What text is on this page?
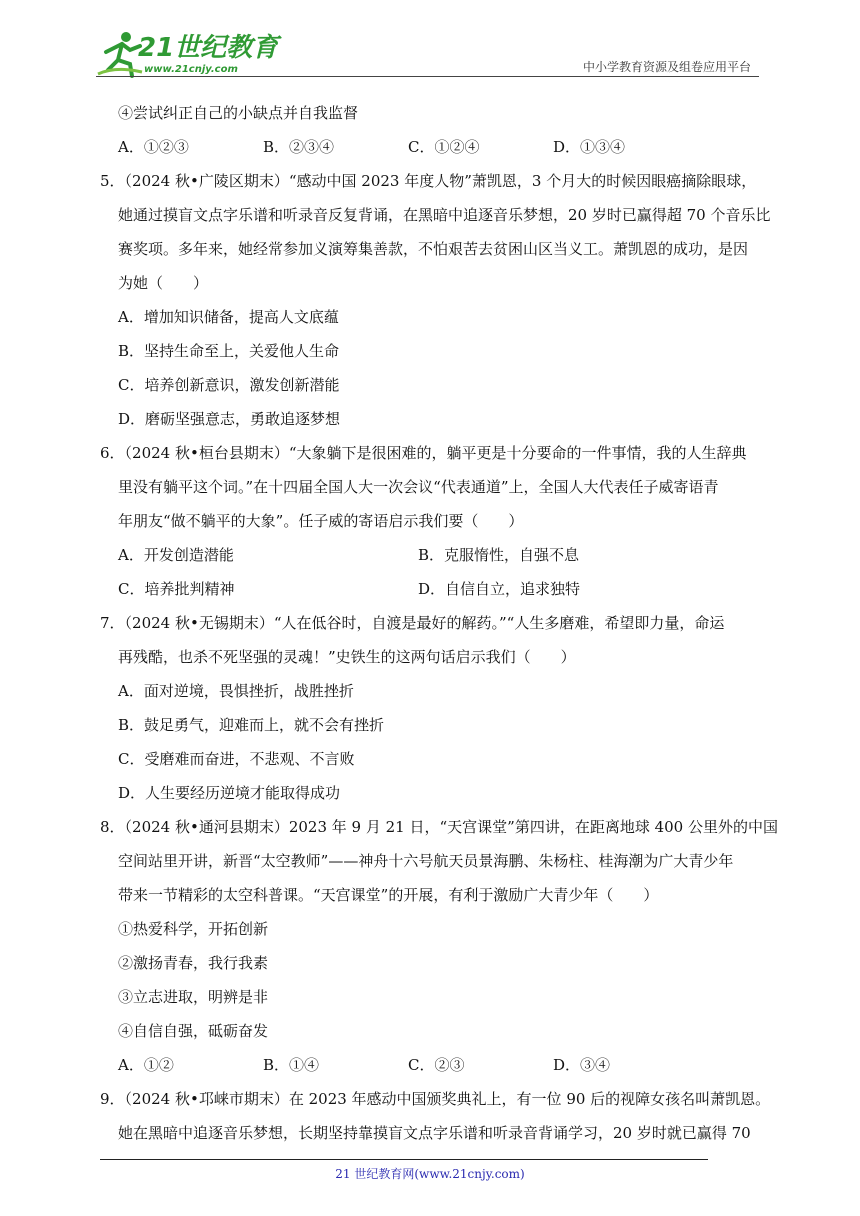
21世纪教育
www.21cnjy.com	中小学教育资源及组卷应用平台
④尝试纠正自己的小缺点并自我监督
A．①②③	B．②③④	C．①②④	D．①③④
5．（2024 秋•广陵区期末）“感动中国 2023 年度人物”萧凯恩，3 个月大的时候因眼癌摘除眼球，
她通过摸盲文点字乐谱和听录音反复背诵，在黑暗中追逐音乐梦想，20 岁时已赢得超 70 个音乐比
赛奖项。多年来，她经常参加义演筹集善款，不怕艰苦去贫困山区当义工。萧凯恩的成功，是因
为她（　　）
A．增加知识储备，提高人文底蕴
B．坚持生命至上，关爱他人生命
C．培养创新意识，激发创新潜能
D．磨砺坚强意志，勇敢追逐梦想
6．（2024 秋•桓台县期末）“大象躺下是很困难的，躺平更是十分要命的一件事情，我的人生辞典
里没有躺平这个词。”在十四届全国人大一次会议“代表通道”上，全国人大代表任子威寄语青
年朋友“做不躺平的大象”。任子威的寄语启示我们要（　　）
A．开发创造潜能	B．克服惰性，自强不息
C．培养批判精神	D．自信自立，追求独特
7．（2024 秋•无锡期末）“人在低谷时，自渡是最好的解药。”“人生多磨难，希望即力量，命运
再残酷，也杀不死坚强的灵魂！”史铁生的这两句话启示我们（　　）
A．面对逆境，畏惧挫折，战胜挫折
B．鼓足勇气，迎难而上，就不会有挫折
C．受磨难而奋进，不悲观、不言败
D．人生要经历逆境才能取得成功
8．（2024 秋•通河县期末）2023 年 9 月 21 日，“天宫课堂”第四讲，在距离地球 400 公里外的中国
空间站里开讲，新晋“太空教师”——神舟十六号航天员景海鹏、朱杨柱、桂海潮为广大青少年
带来一节精彩的太空科普课。“天宫课堂”的开展，有利于激励广大青少年（　　）
①热爱科学，开拓创新
②激扬青春，我行我素
③立志进取，明辨是非
④自信自强，砥砺奋发
A．①②	B．①④	C．②③	D．③④
9．（2024 秋•邛崃市期末）在 2023 年感动中国颁奖典礼上，有一位 90 后的视障女孩名叫萧凯恩。
她在黑暗中追逐音乐梦想，长期坚持靠摸盲文点字乐谱和听录音背诵学习，20 岁时就已赢得 70
21 世纪教育网(www.21cnjy.com)
